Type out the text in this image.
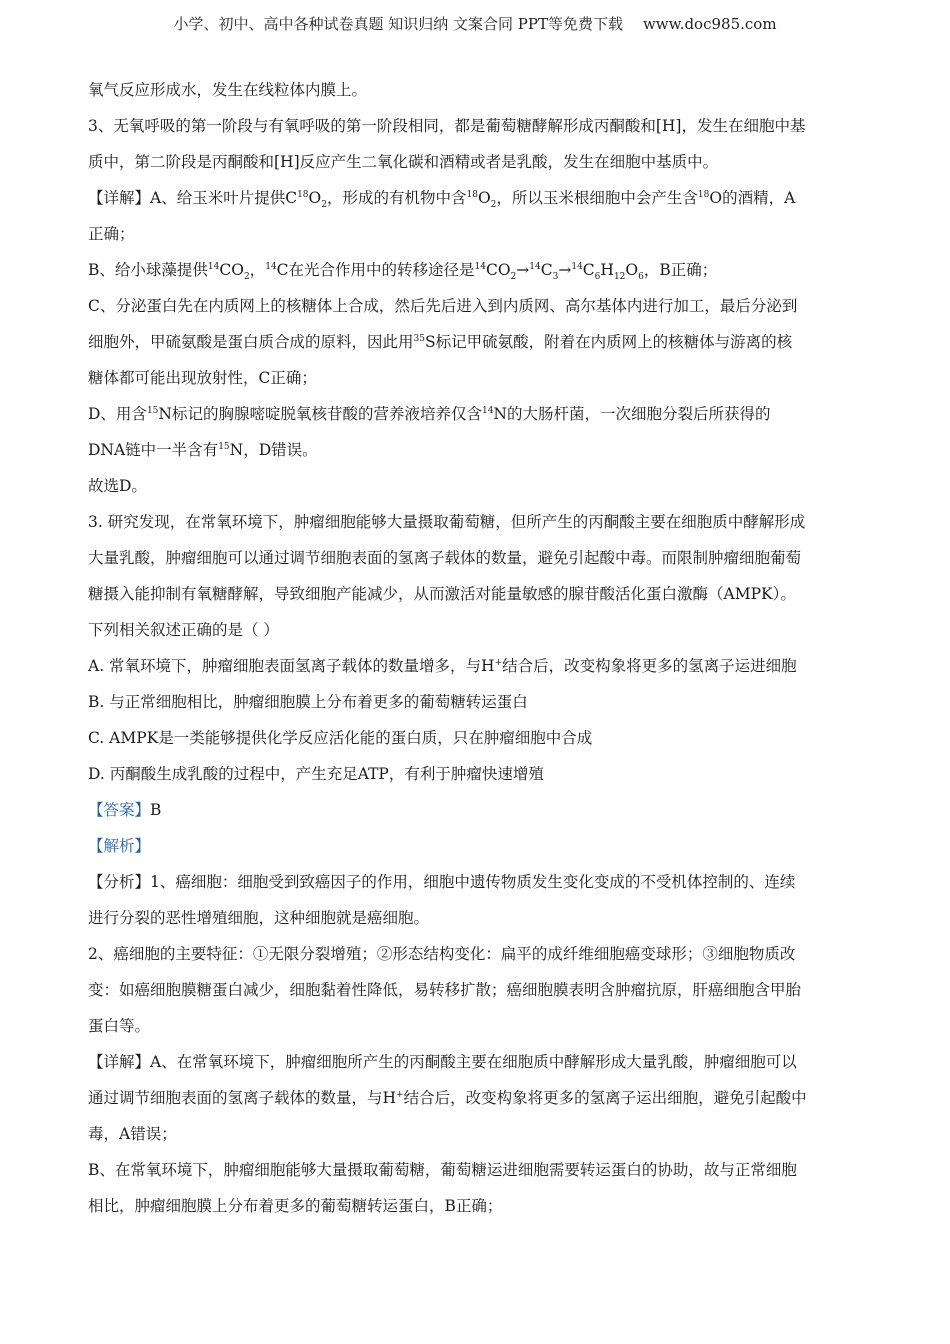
小学、初中、高中各种试卷真题 知识归纳 文案合同 PPT等免费下载 www.doc985.com

氧气反应形成水，发生在线粒体内膜上。

3、无氧呼吸的第一阶段与有氧呼吸的第一阶段相同，都是葡萄糖酵解形成丙酮酸和[H]，发生在细胞中基

质中，第二阶段是丙酮酸和[H]反应产生二氧化碳和酒精或者是乳酸，发生在细胞中基质中。

【详解】A、给玉米叶片提供$C^{18}O_2$，形成的有机物中含$^{18}O_2$，所以玉米根细胞中会产生含$^{18}$O的酒精，A

正确；

B、给小球藻提供$^{14}CO_2$，$^{14}$C在光合作用中的转移途径是$^{14}CO_2\to^{14}C_3\to^{14}C_6H_{12}O_6$，B正确；

C、分泌蛋白先在内质网上的核糖体上合成，然后先后进入到内质网、高尔基体内进行加工，最后分泌到

细胞外，甲硫氨酸是蛋白质合成的原料，因此用$^{35}$S标记甲硫氨酸，附着在内质网上的核糖体与游离的核

糖体都可能出现放射性，C正确；

D、用含$^{15}$N标记的胸腺嘧啶脱氧核苷酸的营养液培养仅含$^{14}$N的大肠杆菌，一次细胞分裂后所获得的

DNA链中一半含有$^{15}$N，D错误。

故选D。

3. 研究发现，在常氧环境下，肿瘤细胞能够大量摄取葡萄糖，但所产生的丙酮酸主要在细胞质中酵解形成

大量乳酸，肿瘤细胞可以通过调节细胞表面的氢离子载体的数量，避免引起酸中毒。而限制肿瘤细胞葡萄

糖摄入能抑制有氧糖酵解，导致细胞产能减少，从而激活对能量敏感的腺苷酸活化蛋白激酶（AMPK）。

下列相关叙述正确的是（ ）

A. 常氧环境下，肿瘤细胞表面氢离子载体的数量增多，与H+结合后，改变构象将更多的氢离子运进细胞

B. 与正常细胞相比，肿瘤细胞膜上分布着更多的葡萄糖转运蛋白

C. AMPK是一类能够提供化学反应活化能的蛋白质，只在肿瘤细胞中合成

D. 丙酮酸生成乳酸的过程中，产生充足ATP，有利于肿瘤快速增殖

【答案】B

【解析】

【分析】1、癌细胞：细胞受到致癌因子的作用，细胞中遗传物质发生变化变成的不受机体控制的、连续

进行分裂的恶性增殖细胞，这种细胞就是癌细胞。

2、癌细胞的主要特征：①无限分裂增殖；②形态结构变化：扁平的成纤维细胞癌变球形；③细胞物质改

变：如癌细胞膜糖蛋白减少，细胞黏着性降低，易转移扩散；癌细胞膜表明含肿瘤抗原，肝癌细胞含甲胎

蛋白等。

【详解】A、在常氧环境下，肿瘤细胞所产生的丙酮酸主要在细胞质中酵解形成大量乳酸，肿瘤细胞可以

通过调节细胞表面的氢离子载体的数量，与H+结合后，改变构象将更多的氢离子运出细胞，避免引起酸中

毒，A错误；

B、在常氧环境下，肿瘤细胞能够大量摄取葡萄糖，葡萄糖运进细胞需要转运蛋白的协助，故与正常细胞

相比，肿瘤细胞膜上分布着更多的葡萄糖转运蛋白，B正确；
